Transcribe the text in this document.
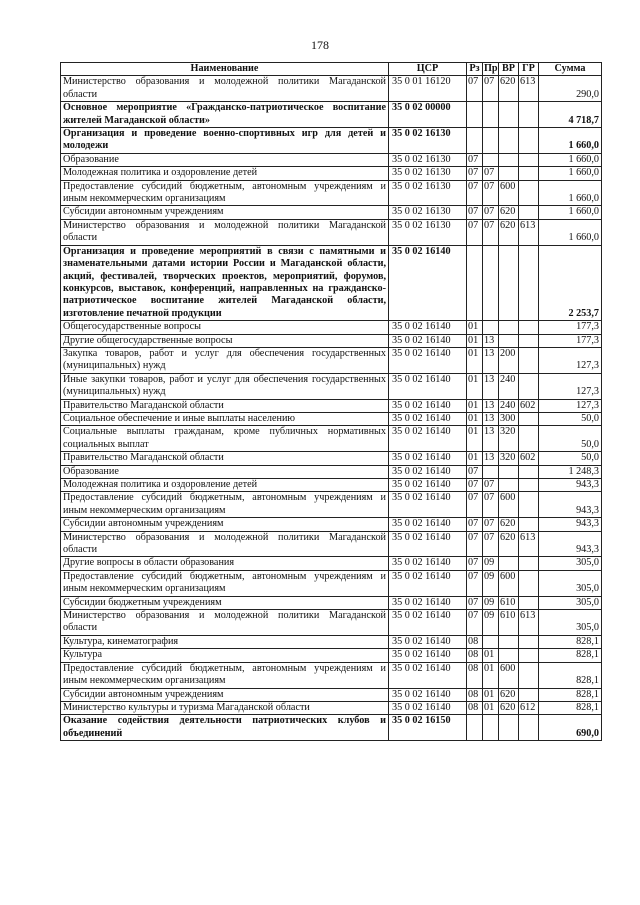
178
Наименование	ЦСР	Рз	Пр	ВР	ГР	Сумма
Министерство образования и молодежной политики Магаданской области	35 0 01 16120	07	07	620	613	290,0
Основное мероприятие «Гражданско-патриотическое воспитание жителей Магаданской области»	35 0 02 00000					4 718,7
Организация и проведение военно-спортивных игр для детей и молодежи	35 0 02 16130					1 660,0
Образование	35 0 02 16130	07				1 660,0
Молодежная политика и оздоровление детей	35 0 02 16130	07	07			1 660,0
Предоставление субсидий бюджетным, автономным учреждениям и иным некоммерческим организациям	35 0 02 16130	07	07	600		1 660,0
Субсидии автономным учреждениям	35 0 02 16130	07	07	620		1 660,0
Министерство образования и молодежной политики Магаданской области	35 0 02 16130	07	07	620	613	1 660,0
Организация и проведение мероприятий в связи с памятными и знаменательными датами истории России и Магаданской области, акций, фестивалей, творческих проектов, мероприятий, форумов, конкурсов, выставок, конференций, направленных на гражданско-патриотическое воспитание жителей Магаданской области, изготовление печатной продукции	35 0 02 16140					2 253,7
Общегосударственные вопросы	35 0 02 16140	01				177,3
Другие общегосударственные вопросы	35 0 02 16140	01	13			177,3
Закупка товаров, работ и услуг для обеспечения государственных (муниципальных) нужд	35 0 02 16140	01	13	200		127,3
Иные закупки товаров, работ и услуг для обеспечения государственных (муниципальных) нужд	35 0 02 16140	01	13	240		127,3
Правительство Магаданской области	35 0 02 16140	01	13	240	602	127,3
Социальное обеспечение и иные выплаты населению	35 0 02 16140	01	13	300		50,0
Социальные выплаты гражданам, кроме публичных нормативных социальных выплат	35 0 02 16140	01	13	320		50,0
Правительство Магаданской области	35 0 02 16140	01	13	320	602	50,0
Образование	35 0 02 16140	07				1 248,3
Молодежная политика и оздоровление детей	35 0 02 16140	07	07			943,3
Предоставление субсидий бюджетным, автономным учреждениям и иным некоммерческим организациям	35 0 02 16140	07	07	600		943,3
Субсидии автономным учреждениям	35 0 02 16140	07	07	620		943,3
Министерство образования и молодежной политики Магаданской области	35 0 02 16140	07	07	620	613	943,3
Другие вопросы в области образования	35 0 02 16140	07	09			305,0
Предоставление субсидий бюджетным, автономным учреждениям и иным некоммерческим организациям	35 0 02 16140	07	09	600		305,0
Субсидии бюджетным учреждениям	35 0 02 16140	07	09	610		305,0
Министерство образования и молодежной политики Магаданской области	35 0 02 16140	07	09	610	613	305,0
Культура, кинематография	35 0 02 16140	08				828,1
Культура	35 0 02 16140	08	01			828,1
Предоставление субсидий бюджетным, автономным учреждениям и иным некоммерческим организациям	35 0 02 16140	08	01	600		828,1
Субсидии автономным учреждениям	35 0 02 16140	08	01	620		828,1
Министерство культуры и туризма Магаданской области	35 0 02 16140	08	01	620	612	828,1
Оказание содействия деятельности патриотических клубов и объединений	35 0 02 16150					690,0
